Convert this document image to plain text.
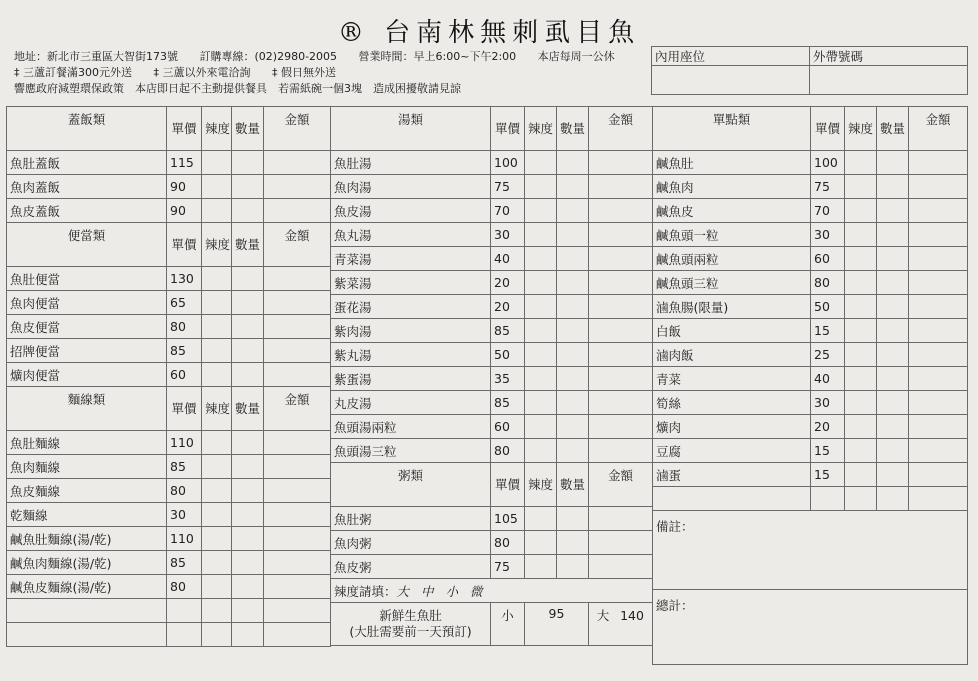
® 台南林無刺虱目魚
地址：新北市三重區大智街173號 訂購專線：(02)2980-2005 營業時間：早上6:00~下午2:00 本店每周一公休
‡ 三蘆訂餐滿300元外送 ‡ 三蘆以外來電洽詢 ‡ 假日無外送
響應政府減塑環保政策　本店即日起不主動提供餐具　若需紙碗一個3塊　造成困擾敬請見諒
內用座位	外帶號碼

蓋飯類	單價	辣度	數量	金額
魚肚蓋飯	115			
魚肉蓋飯	90			
魚皮蓋飯	90			
便當類	單價	辣度	數量	金額
魚肚便當	130			
魚肉便當	65			
魚皮便當	80			
招牌便當	85			
爌肉便當	60			
麵線類	單價	辣度	數量	金額
魚肚麵線	110			
魚肉麵線	85			
魚皮麵線	80			
乾麵線	30			
鹹魚肚麵線(湯/乾)	110			
鹹魚肉麵線(湯/乾)	85			
鹹魚皮麵線(湯/乾)	80			

湯類	單價	辣度	數量	金額
魚肚湯	100			
魚肉湯	75			
魚皮湯	70			
魚丸湯	30			
青菜湯	40			
紫菜湯	20			
蛋花湯	20			
紫肉湯	85			
紫丸湯	50			
紫蛋湯	35			
丸皮湯	85			
魚頭湯兩粒	60			
魚頭湯三粒	80			
粥類	單價	辣度	數量	金額
魚肚粥	105			
魚肉粥	80			
魚皮粥	75			
辣度請填：大 中 小 微				

新鮮生魚肚
(大肚需要前一天預訂)	小	95		大 140
單點類	單價	辣度	數量	金額
鹹魚肚	100			
鹹魚肉	75			
鹹魚皮	70			
鹹魚頭一粒	30			
鹹魚頭兩粒	60			
鹹魚頭三粒	80			
滷魚腸(限量)	50			
白飯	15			
滷肉飯	25			
青菜	40			
筍絲	30			
爌肉	20			
豆腐	15			
滷蛋	15			

備註：				
總計：				
